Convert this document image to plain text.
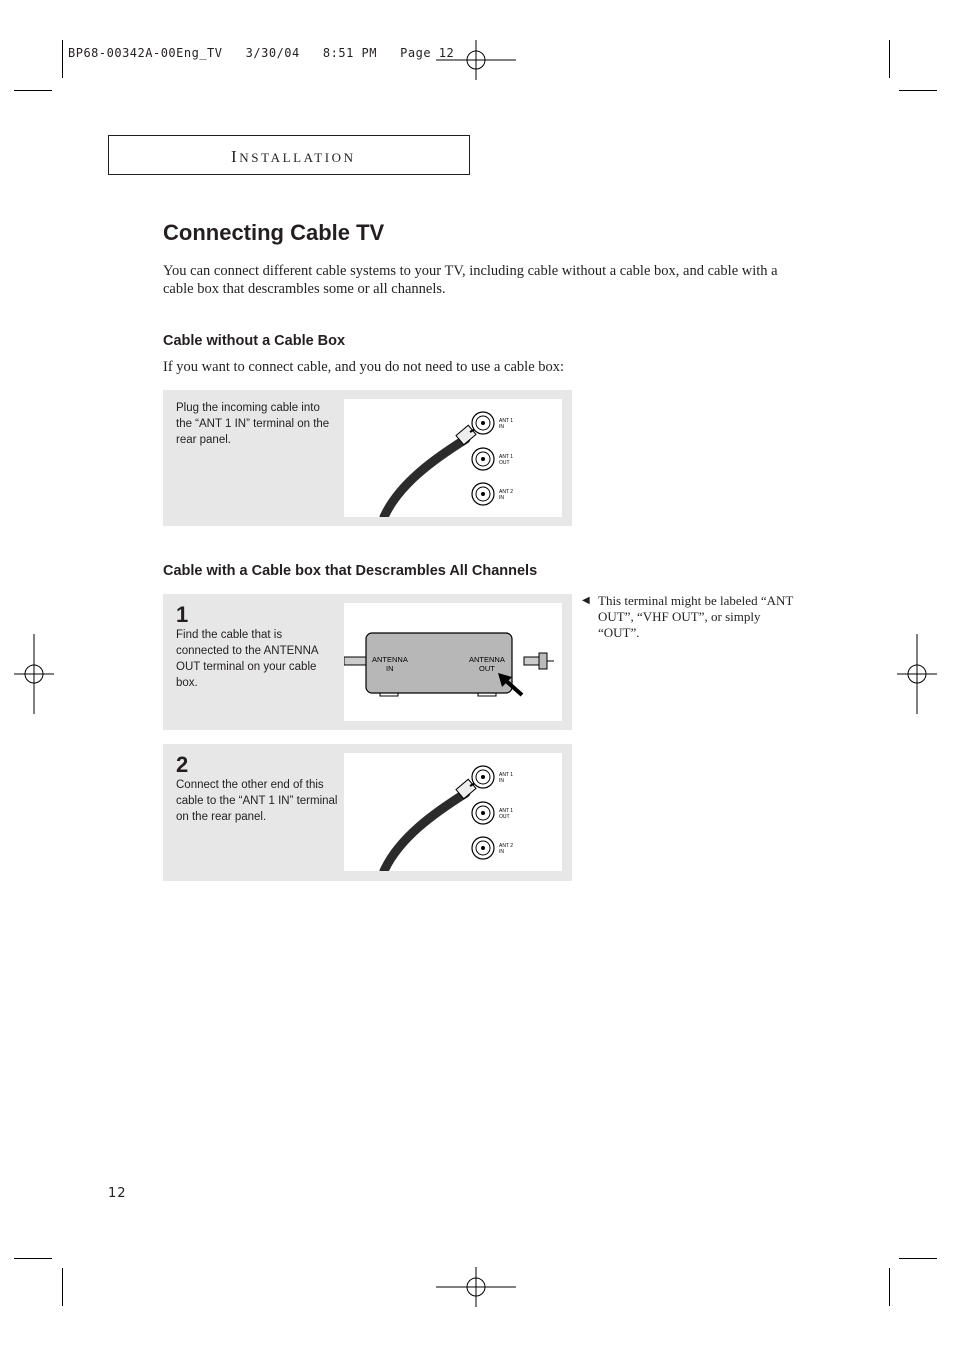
BP68-00342A-00Eng_TV   3/30/04   8:51 PM   Page 12
INSTALLATION
Connecting Cable TV
You can connect different cable systems to your TV, including cable without a cable box, and cable with a cable box that descrambles some or all channels.
Cable without a Cable Box
If you want to connect cable, and you do not need to use a cable box:
Plug the incoming cable into the “ANT 1 IN” terminal on the rear panel.
ANT 1
IN
ANT 1
OUT
ANT 2
IN
Cable with a Cable box that Descrambles All Channels
1
Find the cable that is connected to the ANTENNA OUT terminal on your cable box.
ANTENNA
IN
ANTENNA
OUT
◀ This terminal might be labeled “ANT OUT”, “VHF OUT”, or simply “OUT”.
2
Connect the other end of this cable to the “ANT 1 IN” terminal on the rear panel.
ANT 1
IN
ANT 1
OUT
ANT 2
IN
12
